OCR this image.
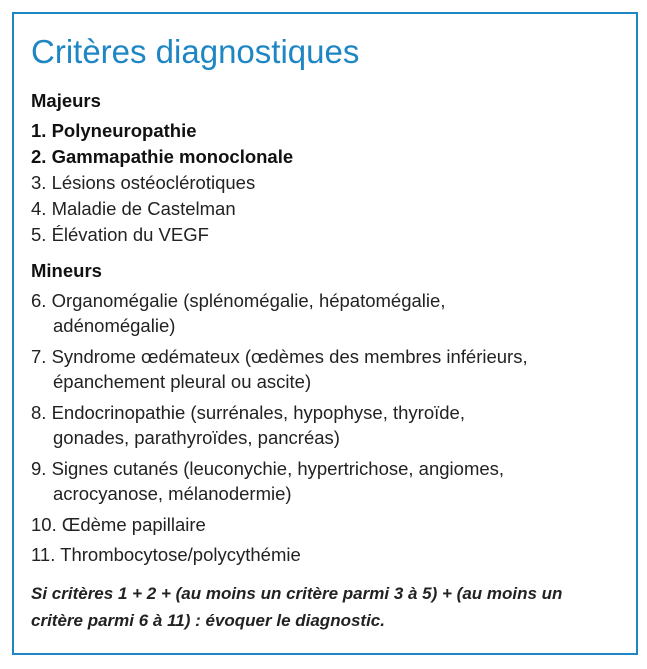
Critères diagnostiques
Majeurs

1. Polyneuropathie

2. Gammapathie monoclonale

3. Lésions ostéoclérotiques

4. Maladie de Castelman

5. Élévation du VEGF

Mineurs
6. Organomégalie (splénomégalie, hépatomégalie,
adénomégalie)
7. Syndrome œdémateux (œdèmes des membres inférieurs,
épanchement pleural ou ascite)
8. Endocrinopathie (surrénales, hypophyse, thyroïde,
gonades, parathyroïdes, pancréas)
9. Signes cutanés (leuconychie, hypertrichose, angiomes,
acrocyanose, mélanodermie)
10. Œdème papillaire
11. Thrombocytose/polycythémie

Si critères 1 + 2 + (au moins un critère parmi 3 à 5) + (au moins un critère parmi 6 à 11) : évoquer le diagnostic.
